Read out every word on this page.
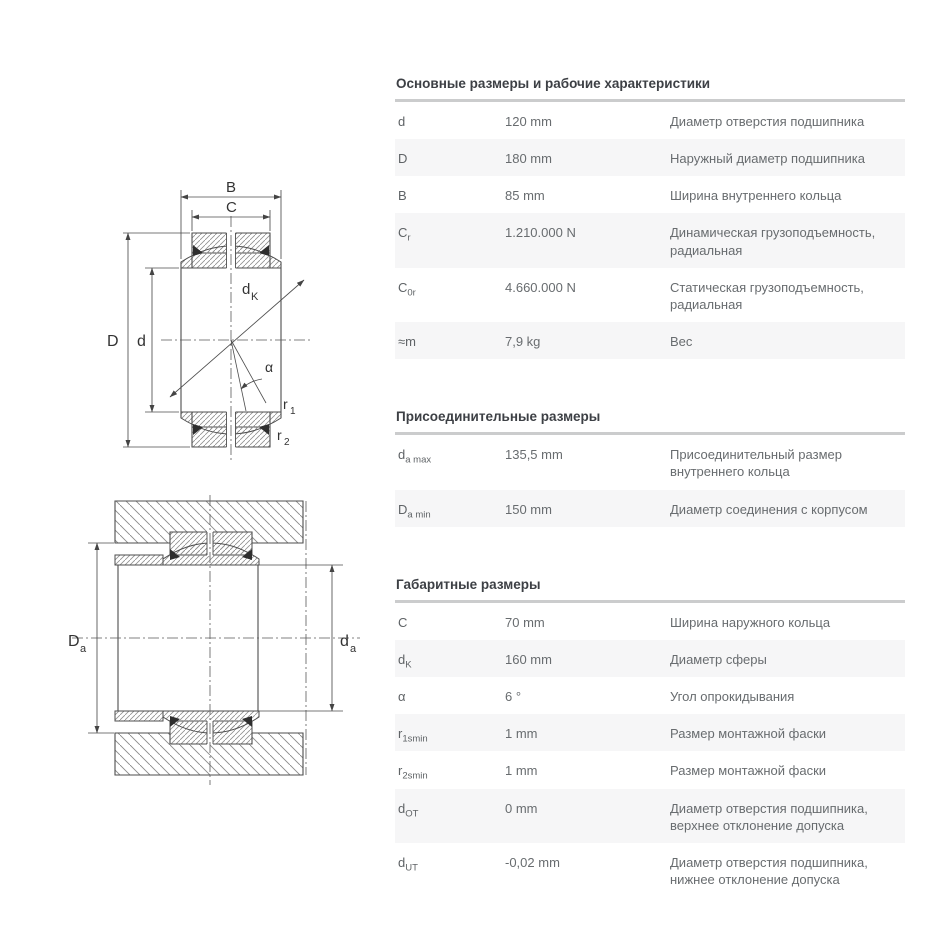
B
C
D d
d K
α
r 1
r 2
D a	d a
Основные размеры и рабочие характеристики
d	120 mm	Диаметр отверстия подшипника
D	180 mm	Наружный диаметр подшипника
B	85 mm	Ширина внутреннего кольца
$C_r$	1.210.000 N	Динамическая грузоподъемность, радиальная
$C_{0r}$	4.660.000 N	Статическая грузоподъемность, радиальная
≈m	7,9 kg	Вес
Присоединительные размеры
$d_{a max}$	135,5 mm	Присоединительный размер внутреннего кольца
$D_{a min}$	150 mm	Диаметр соединения с корпусом
Габаритные размеры
C	70 mm	Ширина наружного кольца
$d_K$	160 mm	Диаметр сферы
α	6 °	Угол опрокидывания
$r_{1smin}$	1 mm	Размер монтажной фаски
$r_{2smin}$	1 mm	Размер монтажной фаски
$d_{OT}$	0 mm	Диаметр отверстия подшипника, верхнее отклонение допуска
$d_{UT}$	-0,02 mm	Диаметр отверстия подшипника, нижнее отклонение допуска
